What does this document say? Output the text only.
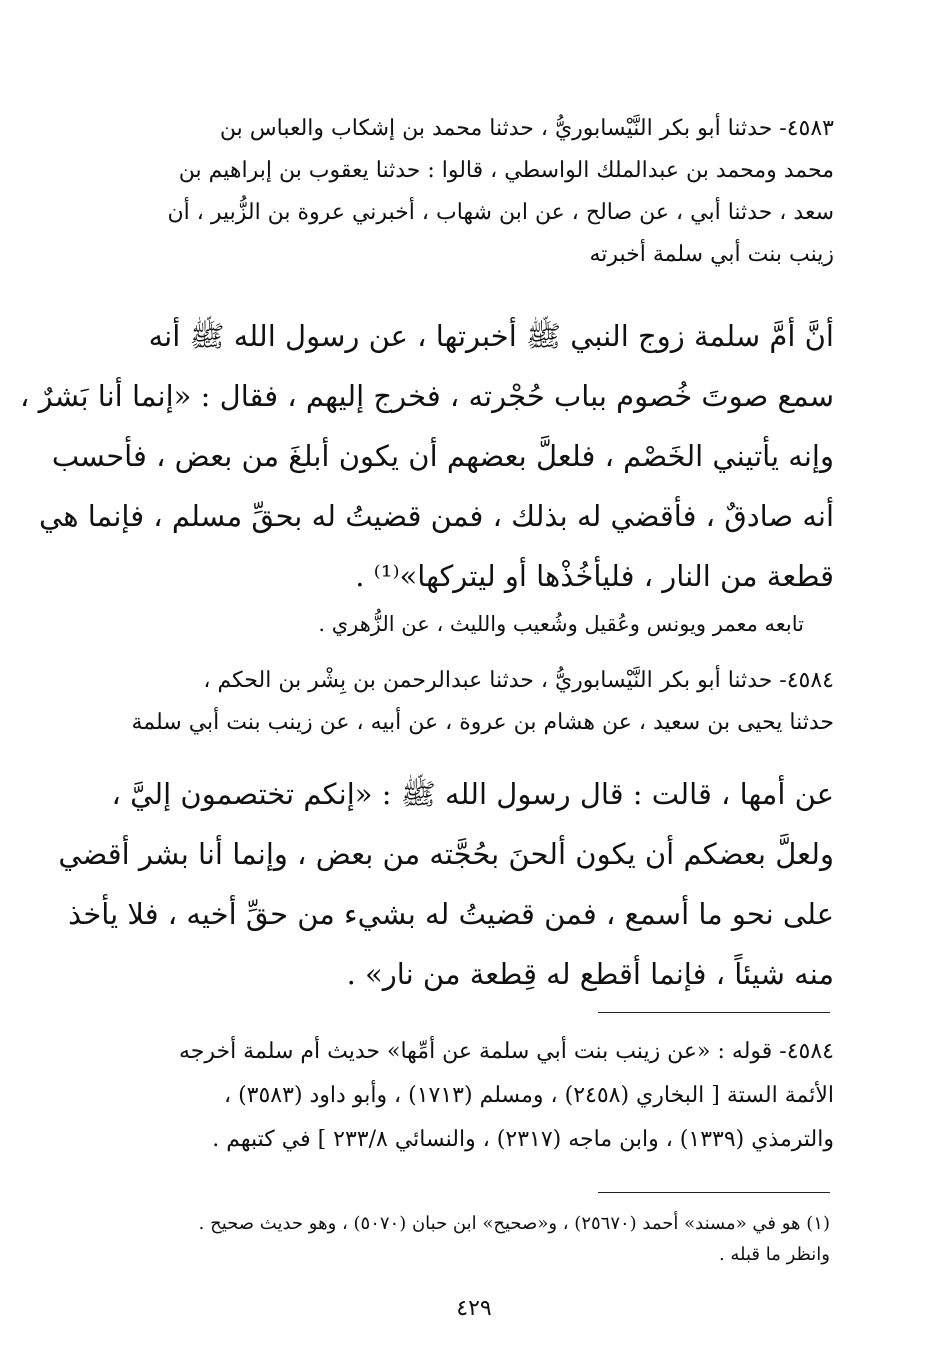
٤٥٨٣- حدثنا أبو بكر النَّيْسابوريُّ ، حدثنا محمد بن إشكاب والعباس بن
محمد ومحمد بن عبدالملك الواسطي ، قالوا : حدثنا يعقوب بن إبراهيم بن
سعد ، حدثنا أبي ، عن صالح ، عن ابن شهاب ، أخبرني عروة بن الزُّبير ، أن
زينب بنت أبي سلمة أخبرته
أنَّ أمَّ سلمة زوج النبي ﷺ أخبرتها ، عن رسول الله ﷺ أنه
سمع صوتَ خُصوم بباب حُجْرته ، فخرج إليهم ، فقال : «إنما أنا بَشرٌ ،
وإنه يأتيني الخَصْم ، فلعلَّ بعضهم أن يكون أبلغَ من بعض ، فأحسب
أنه صادقٌ ، فأقضي له بذلك ، فمن قضيتُ له بحقِّ مسلم ، فإنما هي
قطعة من النار ، فليأخُذْها أو ليتركها»⁽¹⁾ .
تابعه معمر ويونس وعُقيل وشُعيب والليث ، عن الزُّهري .
٤٥٨٤- حدثنا أبو بكر النَّيْسابوريُّ ، حدثنا عبدالرحمن بن بِشْر بن الحكم ،
حدثنا يحيى بن سعيد ، عن هشام بن عروة ، عن أبيه ، عن زينب بنت أبي سلمة
عن أمها ، قالت : قال رسول الله ﷺ : «إنكم تختصمون إليَّ ،
ولعلَّ بعضكم أن يكون ألحنَ بحُجَّته من بعض ، وإنما أنا بشر أقضي
على نحو ما أسمع ، فمن قضيتُ له بشيء من حقِّ أخيه ، فلا يأخذ
منه شيئاً ، فإنما أقطع له قِطعة من نار» .
٤٥٨٤- قوله : «عن زينب بنت أبي سلمة عن أمِّها» حديث أم سلمة أخرجه
الأئمة الستة [ البخاري (٢٤٥٨) ، ومسلم (١٧١٣) ، وأبو داود (٣٥٨٣) ،
والترمذي (١٣٣٩) ، وابن ماجه (٢٣١٧) ، والنسائي ٢٣٣/٨ ] في كتبهم .
(١) هو في «مسند» أحمد (٢٥٦٧٠) ، و«صحيح» ابن حبان (٥٠٧٠) ، وهو حديث صحيح .
وانظر ما قبله .
٤٢٩
